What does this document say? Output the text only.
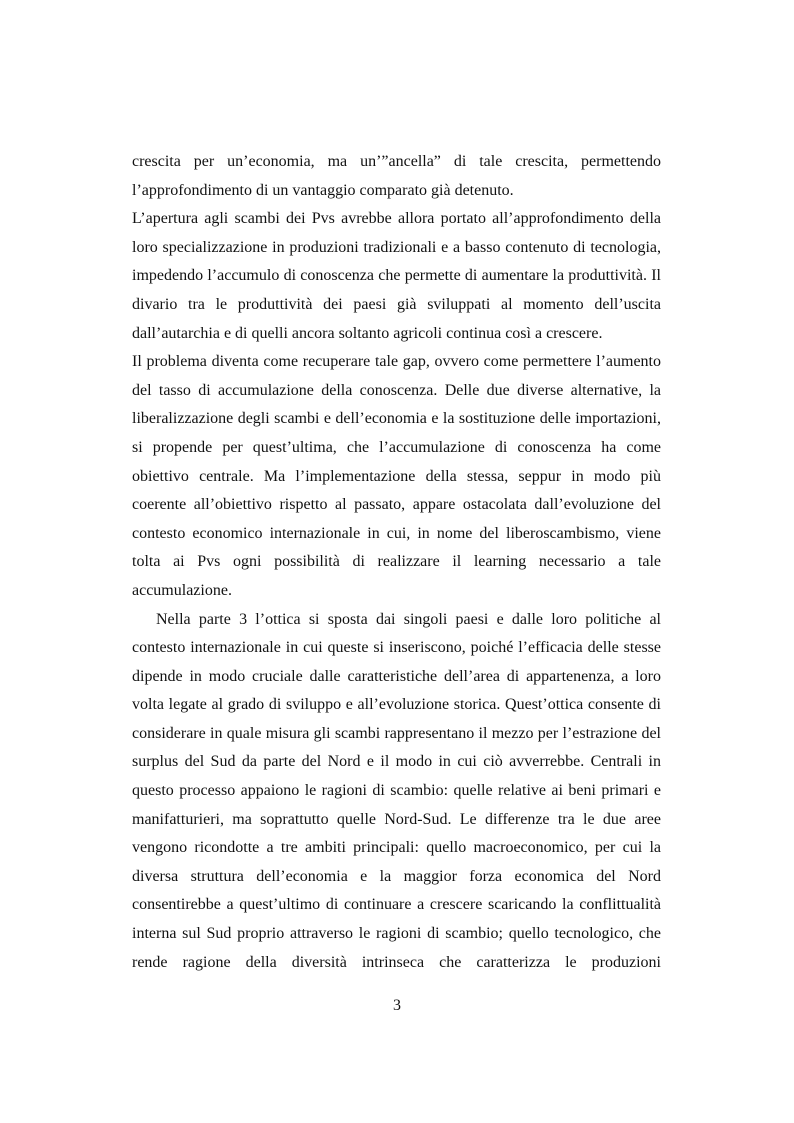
crescita per un’economia, ma un’”ancella” di tale crescita, permettendo
l’approfondimento di un vantaggio comparato già detenuto.
L’apertura agli scambi dei Pvs avrebbe allora portato all’approfondimento della
loro specializzazione in produzioni tradizionali e a basso contenuto di tecnologia,
impedendo l’accumulo di conoscenza che permette di aumentare la produttività. Il
divario tra le produttività dei paesi già sviluppati al momento dell’uscita
dall’autarchia e di quelli ancora soltanto agricoli continua così a crescere.
Il problema diventa come recuperare tale gap, ovvero come permettere l’aumento
del tasso di accumulazione della conoscenza. Delle due diverse alternative, la
liberalizzazione degli scambi e dell’economia e la sostituzione delle importazioni,
si propende per quest’ultima, che l’accumulazione di conoscenza ha come
obiettivo centrale. Ma l’implementazione della stessa, seppur in modo più
coerente all’obiettivo rispetto al passato, appare ostacolata dall’evoluzione del
contesto economico internazionale in cui, in nome del liberoscambismo, viene
tolta ai Pvs ogni possibilità di realizzare il learning necessario a tale
accumulazione.
Nella parte 3 l’ottica si sposta dai singoli paesi e dalle loro politiche al
contesto internazionale in cui queste si inseriscono, poiché l’efficacia delle stesse
dipende in modo cruciale dalle caratteristiche dell’area di appartenenza, a loro
volta legate al grado di sviluppo e all’evoluzione storica. Quest’ottica consente di
considerare in quale misura gli scambi rappresentano il mezzo per l’estrazione del
surplus del Sud da parte del Nord e il modo in cui ciò avverrebbe. Centrali in
questo processo appaiono le ragioni di scambio: quelle relative ai beni primari e
manifatturieri, ma soprattutto quelle Nord-Sud. Le differenze tra le due aree
vengono ricondotte a tre ambiti principali: quello macroeconomico, per cui la
diversa struttura dell’economia e la maggior forza economica del Nord
consentirebbe a quest’ultimo di continuare a crescere scaricando la conflittualità
interna sul Sud proprio attraverso le ragioni di scambio; quello tecnologico, che
rende ragione della diversità intrinseca che caratterizza le produzioni
3
